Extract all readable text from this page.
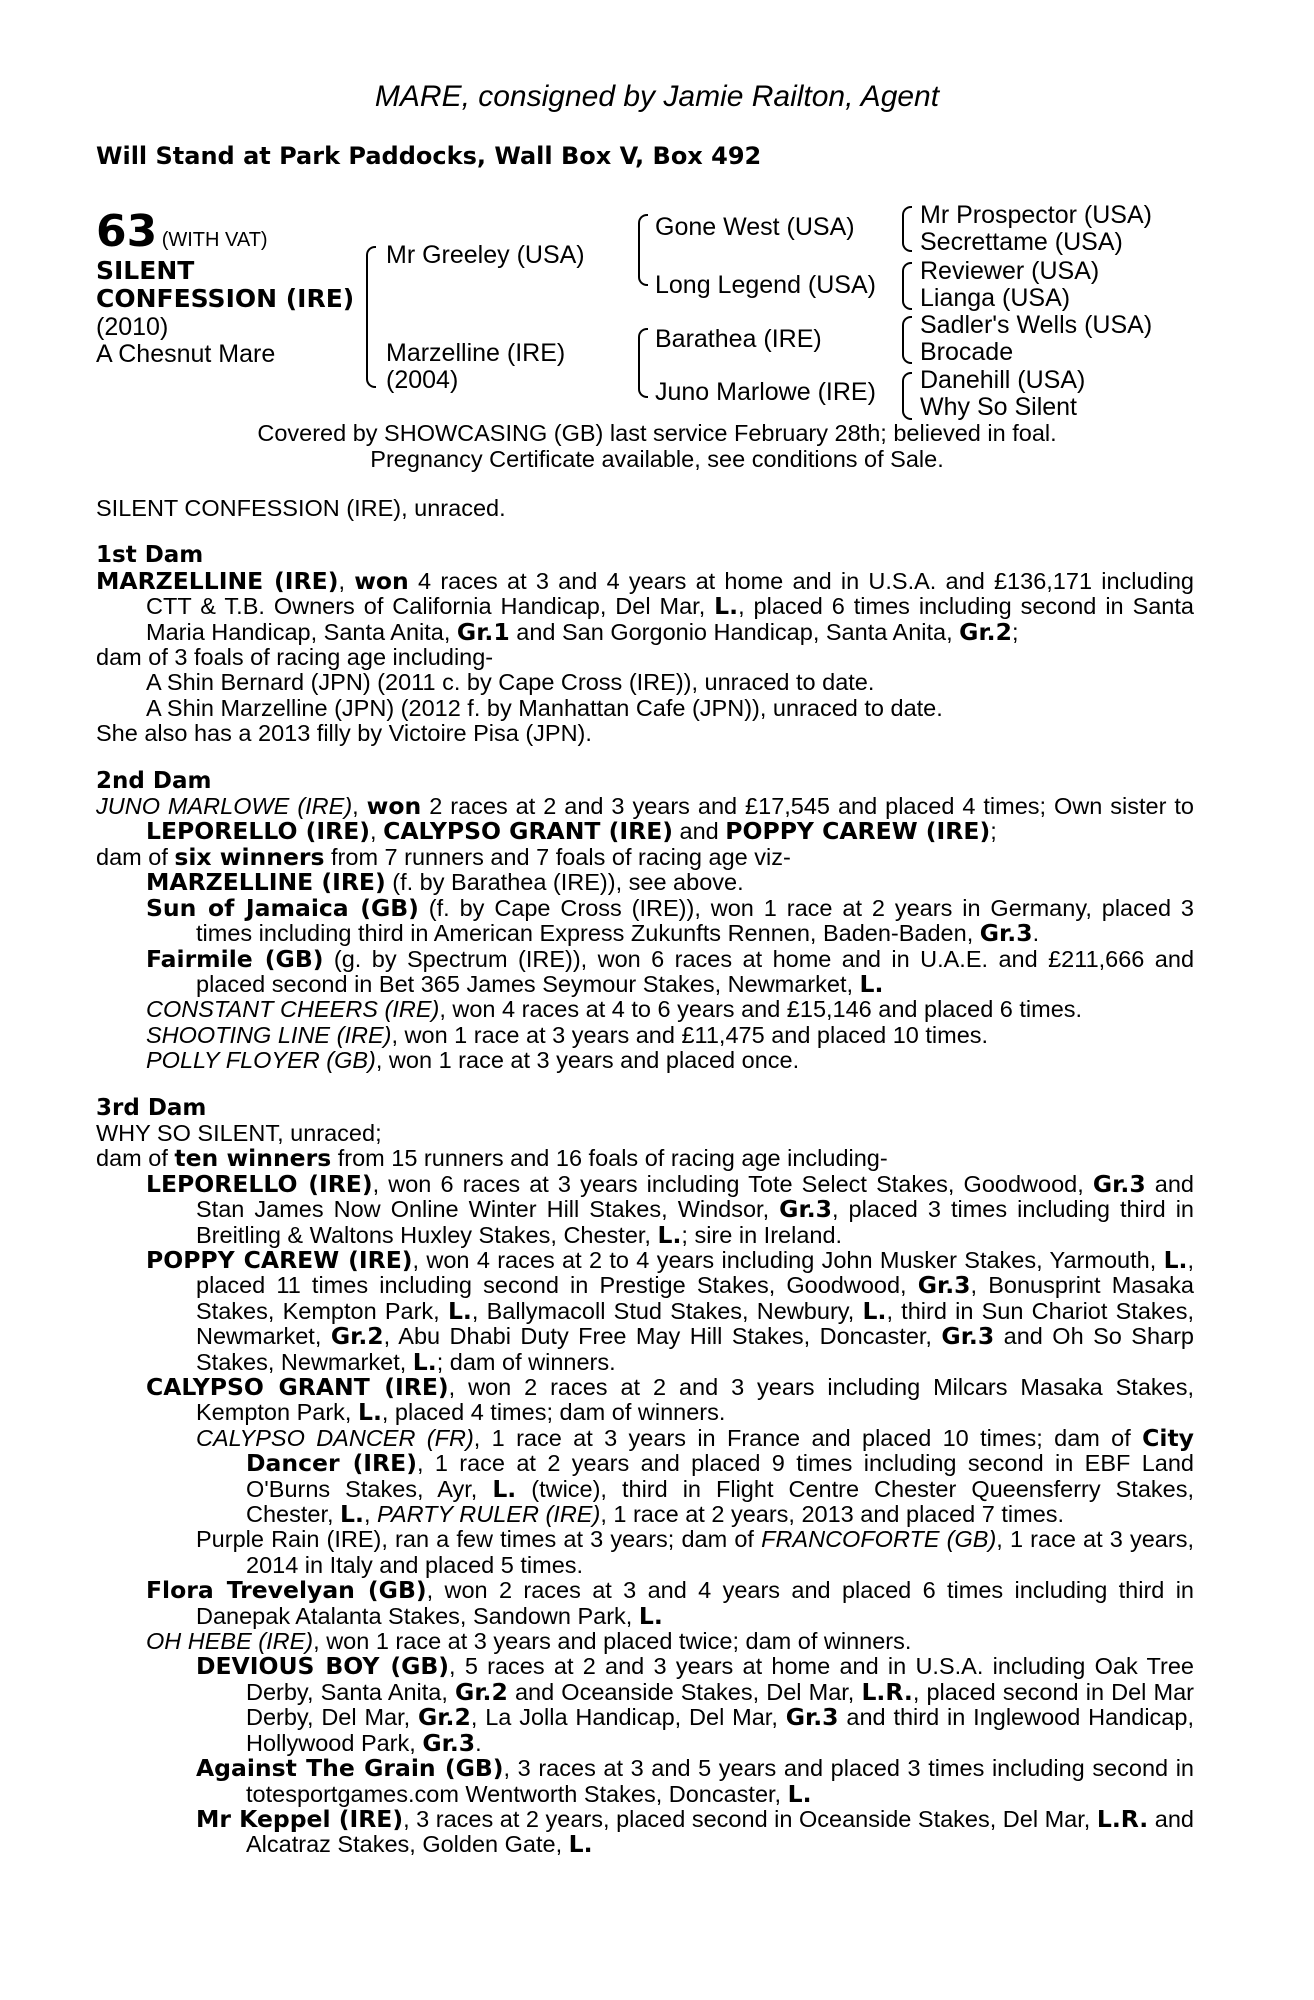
MARE, consigned by Jamie Railton, Agent
Will Stand at Park Paddocks, Wall Box V, Box 492
63 (WITH VAT)
SILENT
CONFESSION (IRE)
(2010)
A Chesnut Mare
Mr Greeley (USA)
Marzelline (IRE)
(2004)
Gone West (USA)
Long Legend (USA)
Barathea (IRE)
Juno Marlowe (IRE)
Mr Prospector (USA)
Secrettame (USA)
Reviewer (USA)
Lianga (USA)
Sadler's Wells (USA)
Brocade
Danehill (USA)
Why So Silent
Covered by SHOWCASING (GB) last service February 28th; believed in foal.
Pregnancy Certificate available, see conditions of Sale.

SILENT CONFESSION (IRE), unraced.

1st Dam

MARZELLINE (IRE), won 4 races at 3 and 4 years at home and in U.S.A. and £136,171 including CTT & T.B. Owners of California Handicap, Del Mar, L., placed 6 times including second in Santa Maria Handicap, Santa Anita, Gr.1 and San Gorgonio Handicap, Santa Anita, Gr.2;

dam of 3 foals of racing age including-

A Shin Bernard (JPN) (2011 c. by Cape Cross (IRE)), unraced to date.

A Shin Marzelline (JPN) (2012 f. by Manhattan Cafe (JPN)), unraced to date.

She also has a 2013 filly by Victoire Pisa (JPN).

2nd Dam

JUNO MARLOWE (IRE), won 2 races at 2 and 3 years and £17,545 and placed 4 times; Own sister to LEPORELLO (IRE), CALYPSO GRANT (IRE) and POPPY CAREW (IRE);

dam of six winners from 7 runners and 7 foals of racing age viz-

MARZELLINE (IRE) (f. by Barathea (IRE)), see above.

Sun of Jamaica (GB) (f. by Cape Cross (IRE)), won 1 race at 2 years in Germany, placed 3 times including third in American Express Zukunfts Rennen, Baden-Baden, Gr.3.

Fairmile (GB) (g. by Spectrum (IRE)), won 6 races at home and in U.A.E. and £211,666 and placed second in Bet 365 James Seymour Stakes, Newmarket, L.

CONSTANT CHEERS (IRE), won 4 races at 4 to 6 years and £15,146 and placed 6 times.

SHOOTING LINE (IRE), won 1 race at 3 years and £11,475 and placed 10 times.

POLLY FLOYER (GB), won 1 race at 3 years and placed once.

3rd Dam

WHY SO SILENT, unraced;

dam of ten winners from 15 runners and 16 foals of racing age including-

LEPORELLO (IRE), won 6 races at 3 years including Tote Select Stakes, Goodwood, Gr.3 and Stan James Now Online Winter Hill Stakes, Windsor, Gr.3, placed 3 times including third in Breitling & Waltons Huxley Stakes, Chester, L.; sire in Ireland.

POPPY CAREW (IRE), won 4 races at 2 to 4 years including John Musker Stakes, Yarmouth, L., placed 11 times including second in Prestige Stakes, Goodwood, Gr.3, Bonusprint Masaka Stakes, Kempton Park, L., Ballymacoll Stud Stakes, Newbury, L., third in Sun Chariot Stakes, Newmarket, Gr.2, Abu Dhabi Duty Free May Hill Stakes, Doncaster, Gr.3 and Oh So Sharp Stakes, Newmarket, L.; dam of winners.

CALYPSO GRANT (IRE), won 2 races at 2 and 3 years including Milcars Masaka Stakes, Kempton Park, L., placed 4 times; dam of winners.

CALYPSO DANCER (FR), 1 race at 3 years in France and placed 10 times; dam of City Dancer (IRE), 1 race at 2 years and placed 9 times including second in EBF Land O'Burns Stakes, Ayr, L. (twice), third in Flight Centre Chester Queensferry Stakes, Chester, L., PARTY RULER (IRE), 1 race at 2 years, 2013 and placed 7 times.

Purple Rain (IRE), ran a few times at 3 years; dam of FRANCOFORTE (GB), 1 race at 3 years, 2014 in Italy and placed 5 times.

Flora Trevelyan (GB), won 2 races at 3 and 4 years and placed 6 times including third in Danepak Atalanta Stakes, Sandown Park, L.

OH HEBE (IRE), won 1 race at 3 years and placed twice; dam of winners.

DEVIOUS BOY (GB), 5 races at 2 and 3 years at home and in U.S.A. including Oak Tree Derby, Santa Anita, Gr.2 and Oceanside Stakes, Del Mar, L.R., placed second in Del Mar Derby, Del Mar, Gr.2, La Jolla Handicap, Del Mar, Gr.3 and third in Inglewood Handicap, Hollywood Park, Gr.3.

Against The Grain (GB), 3 races at 3 and 5 years and placed 3 times including second in totesportgames.com Wentworth Stakes, Doncaster, L.

Mr Keppel (IRE), 3 races at 2 years, placed second in Oceanside Stakes, Del Mar, L.R. and Alcatraz Stakes, Golden Gate, L.
